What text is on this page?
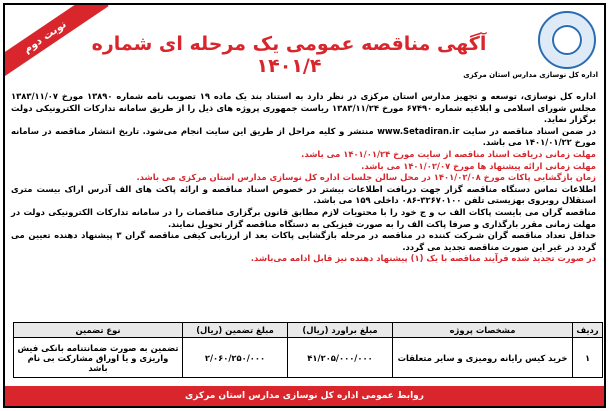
نوبت دوم	آگهی مناقصه عمومی یک مرحله ای شماره ۱۴۰۱/۴	اداره کل نوسازی مدارس استان مرکزی

اداره کل نوسازی، توسعه و تجهیز مدارس استان مرکزی در نظر دارد به استناد بند یک ماده ۱۹ تصویب نامه شماره ۱۳۸۹۰ مورخ ۱۳۸۳/۱۱/۰۷ مجلس شورای اسلامی و ابلاغیه شماره ۶۷۴۹۰ مورخ ۱۳۸۳/۱۱/۲۴ ریاست جمهوری پروژه های ذیل را از طریق سامانه تدارکات الکترونیکی دولت برگزار نماید.

در ضمن اسناد مناقصه در سایت www.Setadiran.ir منتشر و کلیه مراحل از طریق این سایت انجام می‌شود. تاریخ انتشار مناقصه در سامانه مورخ ۱۴۰۱/۰۱/۲۲ می باشد.

مهلت زمانی دریافت اسناد مناقصه از سایت مورخ ۱۴۰۱/۰۱/۲۴ می باشد.

مهلت زمانی ارائه پیشنهاد ها مورخ ۱۴۰۱/۰۲/۰۷ می باشد.

زمان بازگشایی پاکات مورخ ۱۴۰۱/۰۲/۰۸ در محل سالن جلسات اداره کل نوسازی مدارس استان مرکزی می باشد.

اطلاعات تماس دستگاه مناقصه گزار جهت دریافت اطلاعات بیشتر در خصوص اسناد مناقصه و ارائه پاکت های الف آدرس اراک بیست متری استقلال روبروی بهزیستی تلفن ۳۲۶۷۰۱۰۰-۰۸۶ داخلی ۱۵۹ می باشد.

مناقصه گران می بایست پاکات الف ب و ج خود را با محتویات لازم مطابق قانون برگزاری مناقصات را در سامانه تدارکات الکترونیکی دولت در مهلت زمانی مقرر بارگذاری و صرفا پاکت الف را به صورت فیزیکی به دستگاه مناقصه گزار تحویل نمایند.

حداقل تعداد مناقصه گران شـرکت کننده در مناقصه در مرحله بازگشایی پاکات بعد از ارزیابی کیفی مناقصه گران ۳ پیشنهاد دهنده تعیین می گردد در غیر این صورت مناقصه تجدید می گردد.

در صورت تجدید شده فرآیند مناقصه با یک (۱) پیشنهاد دهنده نیز قابل ادامه می‌باشد.

ردیف	مشخصات پروژه	مبلغ براورد (ریال)	مبلغ تضمین (ریال)	نوع تضمین
۱	خرید کیس رایانه رومیزی و سایر متعلقات	۴۱/۲۰۵/۰۰۰/۰۰۰	۲/۰۶۰/۲۵۰/۰۰۰	تضمین به صورت ضمانتنامه بانکی فیش واریزی و یا اوراق مشارکت بی نام باشد
روابط عمومی اداره کل نوسازی مدارس استان مرکزی
